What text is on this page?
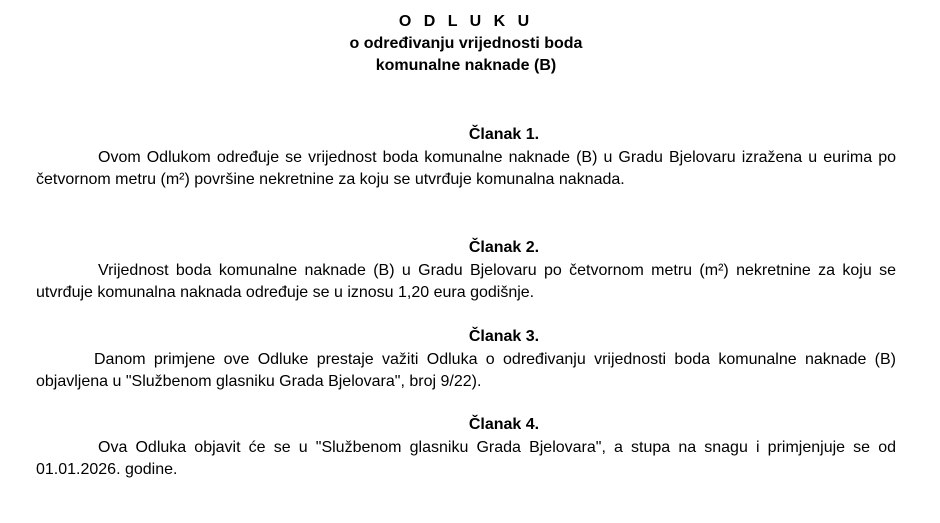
O D L U K U
o određivanju vrijednosti boda
komunalne naknade (B)
Članak 1.

Ovom Odlukom određuje se vrijednost boda komunalne naknade (B) u Gradu Bjelovaru izražena u eurima po četvornom metru (m²) površine nekretnine za koju se utvrđuje komunalna naknada.

Članak 2.

Vrijednost boda komunalne naknade (B) u Gradu Bjelovaru po četvornom metru (m²) nekretnine za koju se utvrđuje komunalna naknada određuje se u iznosu 1,20 eura godišnje.

Članak 3.

Danom primjene ove Odluke prestaje važiti Odluka o određivanju vrijednosti boda komunalne naknade (B) objavljena u "Službenom glasniku Grada Bjelovara", broj 9/22).

Članak 4.

Ova Odluka objavit će se u "Službenom glasniku Grada Bjelovara", a stupa na snagu i primjenjuje se od 01.01.2026. godine.
